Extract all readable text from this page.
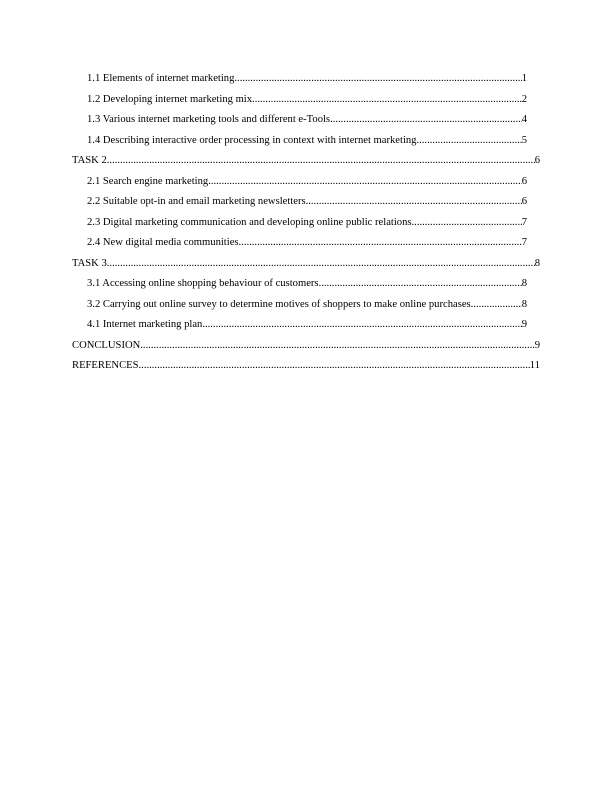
1.1 Elements of internet marketing .....	1
1.2 Developing internet marketing mix .....	2
1.3 Various internet marketing tools and different e-Tools .....	4
1.4 Describing interactive order processing in context with internet marketing .....	5
TASK 2 .....	6
2.1 Search engine marketing .....	6
2.2 Suitable opt-in and email marketing newsletters .....	6
2.3 Digital marketing communication and developing online public relations .....	7
2.4 New digital media communities .....	7
TASK 3 .....	8
3.1 Accessing online shopping behaviour of customers .....	8
3.2 Carrying out online survey to determine motives of shoppers to make online purchases .....	8
4.1 Internet marketing plan .....	9
CONCLUSION .....	9
REFERENCES .....	11
